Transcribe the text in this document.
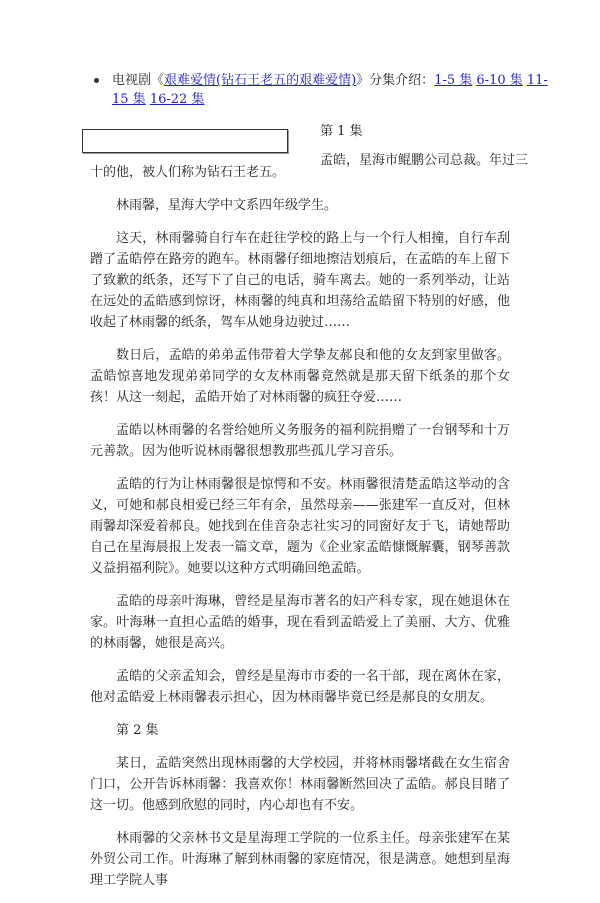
电视剧《艰难爱情(钻石王老五的艰难爱情)》分集介绍：1-5 集 6-10 集 11-15 集 16-22 集
第 1 集
孟皓，星海市鲲鹏公司总裁。年过三

十的他，被人们称为钻石王老五。

林雨馨，星海大学中文系四年级学生。

这天，林雨馨骑自行车在赶往学校的路上与一个行人相撞，自行车刮蹭了孟皓停在路旁的跑车。林雨馨仔细地擦洁划痕后，在孟皓的车上留下了致歉的纸条，还写下了自己的电话，骑车离去。她的一系列举动，让站在远处的孟皓感到惊讶，林雨馨的纯真和坦荡给孟皓留下特别的好感，他收起了林雨馨的纸条，驾车从她身边驶过……

数日后，孟皓的弟弟孟伟带着大学挚友郝良和他的女友到家里做客。孟皓惊喜地发现弟弟同学的女友林雨馨竟然就是那天留下纸条的那个女孩！从这一刻起，孟皓开始了对林雨馨的疯狂夺爱……

孟皓以林雨馨的名誉给她所义务服务的福利院捐赠了一台钢琴和十万元善款。因为他听说林雨馨很想教那些孤儿学习音乐。

孟皓的行为让林雨馨很是惊愕和不安。林雨馨很清楚孟皓这举动的含义，可她和郝良相爱已经三年有余，虽然母亲——张建军一直反对，但林雨馨却深爱着郝良。她找到在佳音杂志社实习的同窗好友于飞，请她帮助自己在星海晨报上发表一篇文章，题为《企业家孟皓慷慨解囊，钢琴善款义益捐福利院》。她要以这种方式明确回绝孟皓。

孟皓的母亲叶海琳，曾经是星海市著名的妇产科专家，现在她退休在家。叶海琳一直担心孟皓的婚事，现在看到孟皓爱上了美丽、大方、优雅的林雨馨，她很是高兴。

孟皓的父亲孟知会，曾经是星海市市委的一名干部，现在离休在家，他对孟皓爱上林雨馨表示担心，因为林雨馨毕竟已经是郝良的女朋友。

第 2 集

某日，孟皓突然出现林雨馨的大学校园，并将林雨馨堵截在女生宿舍门口，公开告诉林雨馨：我喜欢你！林雨馨断然回决了孟皓。郝良目睹了这一切。他感到欣慰的同时，内心却也有不安。

林雨馨的父亲林书文是星海理工学院的一位系主任。母亲张建军在某外贸公司工作。叶海琳了解到林雨馨的家庭情况，很是满意。她想到星海理工学院人事
